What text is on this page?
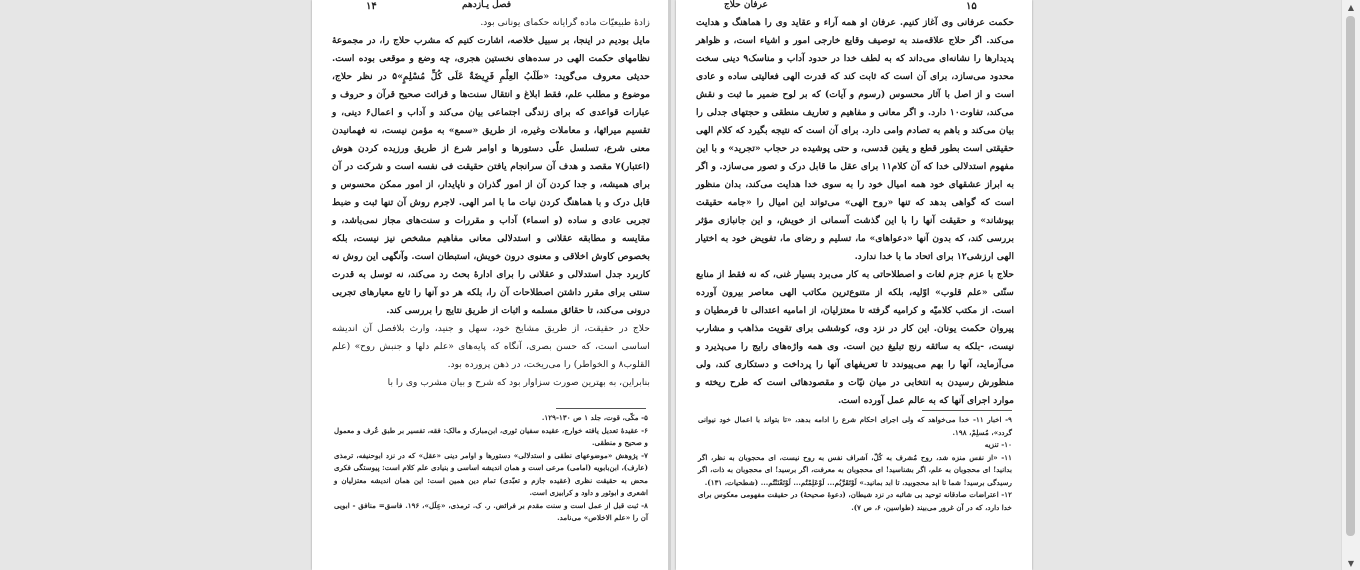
۱۴	فصل یـازدهم

زادۀ طبیعیّات ماده گرایانه حکمای یونانی بود.

مایل بودیم در اینجا، بر سبیل خلاصه، اشارت کنیم که مشرب حلاج را، در مجموعۀ نظامهای حکمت الهی در سده‌های نخستین هجری، چه وضع و موقعی بوده است. حدیثی معروف می‌گوید: «طَلَبُ العِلْمِ فَرِیضَةٌ عَلَی کُلِّ مُسْلِمٍ»۵ در نظر حلاج، موضوع و مطلب علم، فقط ابلاغ و انتقال سنت‌ها و قرائت صحیح قرآن و حروف و عبارات قواعدی که برای زندگی اجتماعی بیان می‌کند و آداب و اعمال۶ دینی، و تقسیم میراثها، و معاملات وغیره، از طریق «سمع» به مؤمن نیست، نه فهمانیدن معنی شرع، تسلسل علّی دستورها و اوامر شرع از طریق ورزیده کردن هوش (اعتبار)۷ مقصد و هدف آن سرانجام یافتن حقیقت فی نفسه است و شرکت در آن برای همیشه، و جدا کردن آن از امور گذران و ناپایدار، از امور ممکن محسوس و قابل درک و با هماهنگ کردن نیات ما با امر الهی. لاجرم روش آن تنها ثبت و ضبط تجربی عادی و ساده (و اسماء) آداب و مقررات و سنت‌های مجاز نمی‌باشد، و مقایسه و مطابقه عقلانی و استدلالی معانی مفاهیم مشخص نیز نیست، بلکه بخصوص کاوش اخلاقی و معنوی درون خویش، استبطان است. وآنگهی این روش نه کاربرد جدل استدلالی و عقلانی را برای ادارۀ بحث رد می‌کند، نه توسل به قدرت سنتی برای مقرر داشتن اصطلاحات آن را، بلکه هر دو آنها را تابع معیارهای تجربی درونی می‌کند، تا حقائق مسلمه و اثبات از طریق نتایج را بررسی کند.

حلاج در حقیقت، از طریق مشایخ خود، سهل و جنید، وارث بلافصل آن اندیشه اساسی است، که حسن بصری، آنگاه که پایه‌های «علم دلها و جنبش روح» (علم القلوب۸ و الخواطر) را می‌ریخت، در ذهن پرورده بود.

بنابراین، به بهترین صورت سزاوار بود که شرح و بیان مشرب وی را با

۵- مکّی، قوت، جلد ۱ ص ۱۳۰-۱۲۹.

۶- عقیدۀ تعدیل یافته خوارج، عقیده سفیان ثوری، ابن‌مبارک و مالک: فقه، تفسیر بر طبق عُرف و معمول و صحیح و منطقی.

۷- پژوهش «موضوعهای نطقی و استدلالی» دستورها و اوامر دینی «عقل» که در نزد ابوحنیفه، ترمذی (عارف)، ابن‌بابویه (امامی) مرعی است و همان اندیشه اساسی و بنیادی علم کلام است: پیوستگی فکری محض به حقیقت نظری (عقیده جازم و تعبّدی) تمام دین همین است: این همان اندیشه معتزلیان و اشعری و ابوثور و داود و کرابیزی است.

۸- ثبت قبل از عمل است و سنت مقدم بر فرائض. ر. ک. ترمذی، «عِلَل»، ۱۹۶. فاسق= منافق - ابویی آن را «علم الاخلاص» می‌نامد.

۱۵
عرفان حلاج

حکمت عرفانی وی آغاز کنیم. عرفان او همه آراء و عقاید وی را هماهنگ و هدایت می‌کند. اگر حلاج علاقه‌مند به توصیف وقایع خارجی امور و اشیاء است، و ظواهر پدیدارها را نشانه‌ای می‌داند که به لطف خدا در حدود آداب و مناسک۹ دینی سخت محدود می‌سازد، برای آن است که ثابت کند که قدرت الهی فعالیتی ساده و عادی است و از اصل با آثار محسوس (رسوم و آیات) که بر لوح ضمیر ما ثبت و نقش می‌کند، تفاوت۱۰ دارد. و اگر معانی و مفاهیم و تعاریف منطقی و حجتهای جدلی را بیان می‌کند و باهم به تصادم وامی دارد. برای آن است که نتیجه بگیرد که کلام الهی حقیقتی است بطور قطع و یقین قدسی، و حتی پوشیده در حجاب «تجرید» و با این مفهوم استدلالی خدا که آن کلام۱۱ برای عقل ما قابل درک و تصور می‌سازد. و اگر به ابراز عشقهای خود همه امیال خود را به سوی خدا هدایت می‌کند، بدان منظور است که گواهی بدهد که تنها «روح الهی» می‌تواند این امیال را «جامه حقیقت بپوشاند» و حقیقت آنها را با این گذشت آسمانی از خویش، و این جانبازی مؤثر بررسی کند، که بدون آنها «دعواهای» ما، تسلیم و رضای ما، تفویض خود به اختیار الهی ارزشی۱۲ برای اتحاد ما با خدا ندارد.

حلاج با عزم جزم لغات و اصطلاحاتی به کار می‌برد بسیار غنی، که نه فقط از منابع سنّتی «علم قلوب» اوّلیه، بلکه از متنوع‌ترین مکاتب الهی معاصر بیرون آورده است. از مکتب کلامیّه و کرامیه گرفته تا معتزلیان، از امامیه اعتدالی تا قرمطیان و پیروان حکمت یونان. این کار در نزد وی، کوششی برای تقویت مذاهب و مشارب نیست، -بلکه به سائقه رنج تبلیغ دین است. وی همه واژه‌های رایج را می‌پذیرد و می‌آزماید، آنها را بهم می‌پیوندد تا تعریفهای آنها را پرداخت و دستکاری کند، ولی منظورش رسیدن به انتخابی در میان نیّات و مقصودهائی است که طرح ریخته و موارد اجرای آنها که به عالم عمل آورده است.

۹- اخبار ۱۱- خدا می‌خواهد که ولی اجرای احکام شرع را ادامه بدهد، «تا بتواند با اعمال خود نیوانی گردد»، مُسلِمْ، ۱۹۸.

۱۰- تنزیه

۱۱- «از نفس منزه شد، روح مُشرف به کُلّ، اَشراف نفس به روح نیست، ای محجوبان به نظر، اگر بدانید! ای محجوبان به علم، اگر بشناسید! ای محجوبان به معرفت، اگر برسید! ای محجوبان به ذات، اگر رسیدگی برسید! شما تا ابد محجوبید، تا ابد بمانید.» لَوْتَقَرَّبُم... لَوْعَلِمْتُم... لَوْتَعْنَنْتُم... (شطحیات، ۱۳۱).

۱۲- اعتراضات صادقانه توحید بی شائبه در نزد شیطان، (دعوۀ صحیحۀ) در حقیقت مفهومی معکوس برای خدا دارد، که در آن غرور می‌بیند (طواسین، ۶، ص ۷).

▲
▼
